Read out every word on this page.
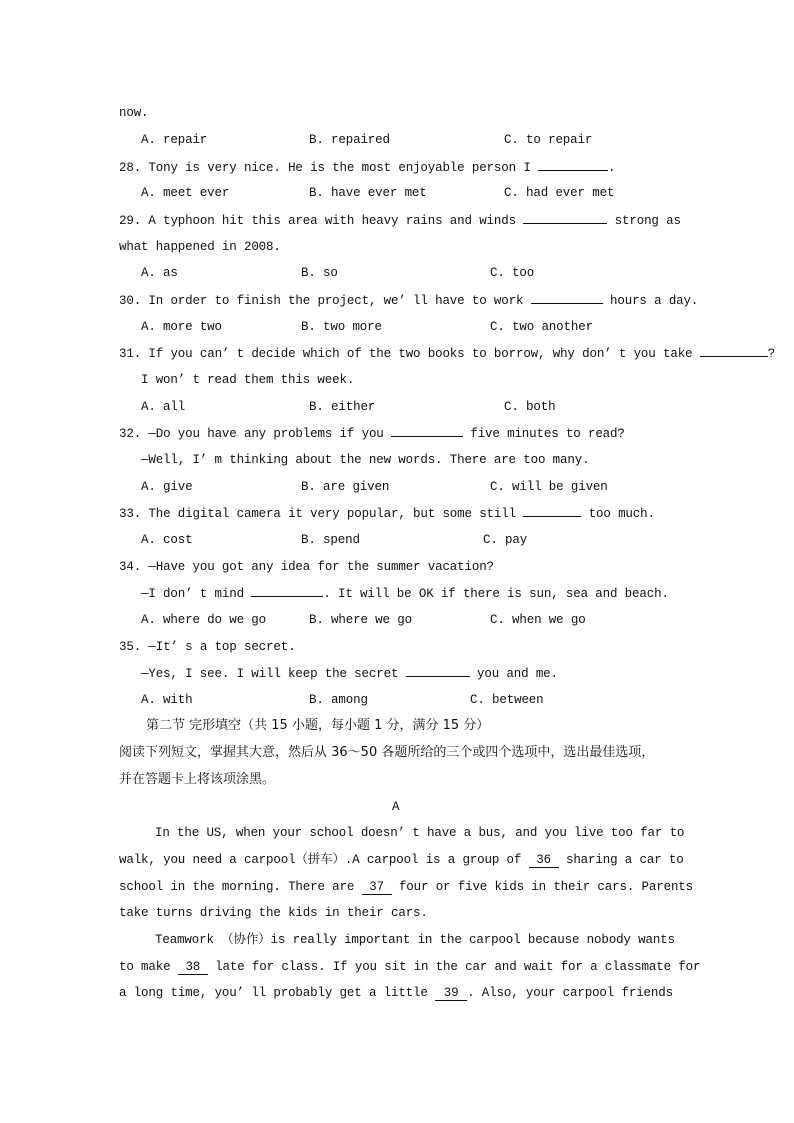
now.

A. repair

	B. repaired

	C. to repair

28. Tony is very nice. He is the most enjoyable person I	.

A. meet ever

	B. have ever met

	C. had ever met

29. A typhoon hit this area with heavy rains and winds	strong as
what happened in 2008.

A. as

	B. so

	C. too

30. In order to finish the project, we’ ll have to work	hours a day.

A. more two

	B. two more

	C. two another

31. If you can’ t decide which of the two books to borrow, why don’ t you take	?
I won’ t read them this week.

A. all

	B. either

	C. both

32. —Do you have any problems if you	five minutes to read?
—Well, I’ m thinking about the new words. There are too many.

A. give

	B. are given

	C. will be given

33. The digital camera it very popular, but some still	too much.

A. cost

	B. spend

	C. pay

34. —Have you got any idea for the summer vacation?
—I don’ t mind	. It will be OK if there is sun, sea and beach.

A. where do we go

	B. where we go

	C. when we go

35. —It’ s a top secret.
—Yes, I see. I will keep the secret	you and me.

A. with

	B. among

	C. between

第二节 完形填空（共 15 小题，每小题 1 分，满分 15 分）
阅读下列短文，掌握其大意，然后从 36～50 各题所给的三个或四个选项中，选出最佳选项，
并在答题卡上将该项涂黑。
A
In the US, when your school doesn’ t have a bus, and you live too far to
walk, you need a carpool（拼车）.A carpool is a group of 36 sharing a car to
school in the morning. There are 37 four or five kids in their cars. Parents
take turns driving the kids in their cars.
Teamwork （协作）is really important in the carpool because nobody wants
to make 38 late for class. If you sit in the car and wait for a classmate for
a long time, you’ ll probably get a little 39 . Also, your carpool friends
